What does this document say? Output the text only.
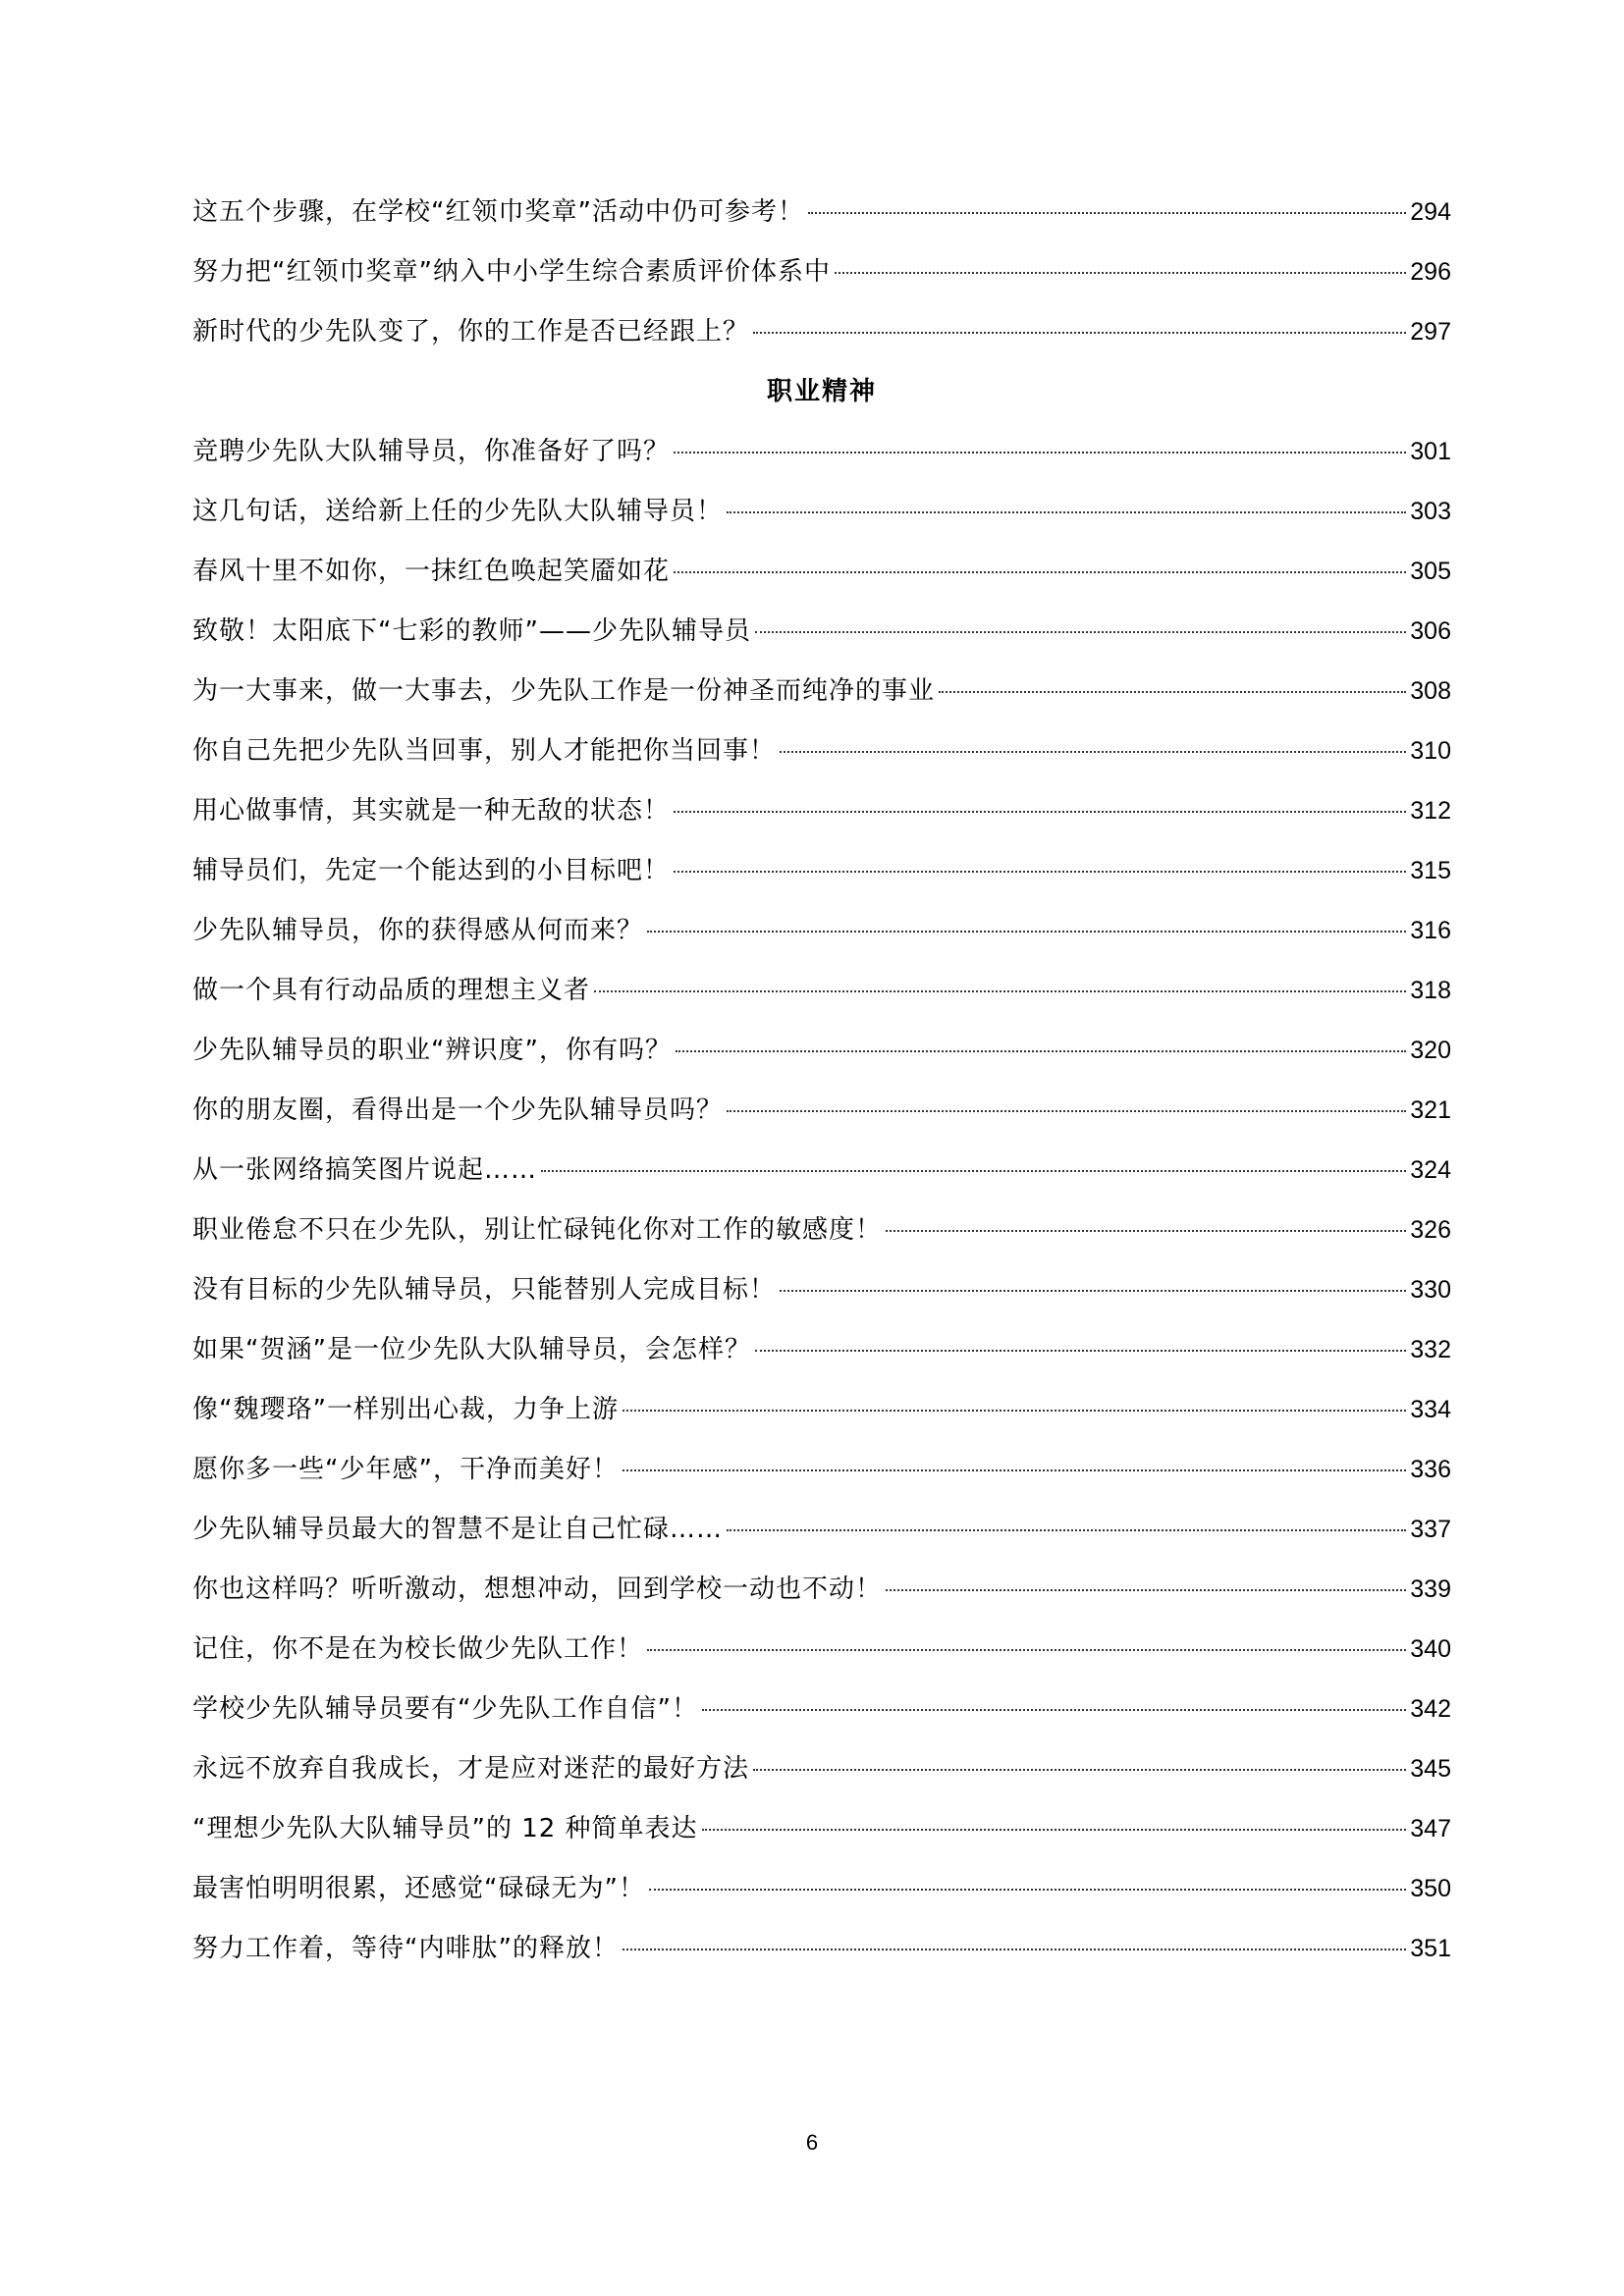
这五个步骤，在学校“红领巾奖章”活动中仍可参考！	294
努力把“红领巾奖章”纳入中小学生综合素质评价体系中	296
新时代的少先队变了，你的工作是否已经跟上？	297
职业精神
竞聘少先队大队辅导员，你准备好了吗？	301
这几句话，送给新上任的少先队大队辅导员！	303
春风十里不如你，一抹红色唤起笑靥如花	305
致敬！太阳底下“七彩的教师”——少先队辅导员	306
为一大事来，做一大事去，少先队工作是一份神圣而纯净的事业	308
你自己先把少先队当回事，别人才能把你当回事！	310
用心做事情，其实就是一种无敌的状态！	312
辅导员们，先定一个能达到的小目标吧！	315
少先队辅导员，你的获得感从何而来？	316
做一个具有行动品质的理想主义者	318
少先队辅导员的职业“辨识度”，你有吗？	320
你的朋友圈，看得出是一个少先队辅导员吗？	321
从一张网络搞笑图片说起……	324
职业倦怠不只在少先队，别让忙碌钝化你对工作的敏感度！	326
没有目标的少先队辅导员，只能替别人完成目标！	330
如果“贺涵”是一位少先队大队辅导员，会怎样？	332
像“魏璎珞”一样别出心裁，力争上游	334
愿你多一些“少年感”，干净而美好！	336
少先队辅导员最大的智慧不是让自己忙碌……	337
你也这样吗？听听激动，想想冲动，回到学校一动也不动！	339
记住，你不是在为校长做少先队工作！	340
学校少先队辅导员要有“少先队工作自信”！	342
永远不放弃自我成长，才是应对迷茫的最好方法	345
“理想少先队大队辅导员”的 12 种简单表达	347
最害怕明明很累，还感觉“碌碌无为”！	350
努力工作着，等待“内啡肽”的释放！	351
6
